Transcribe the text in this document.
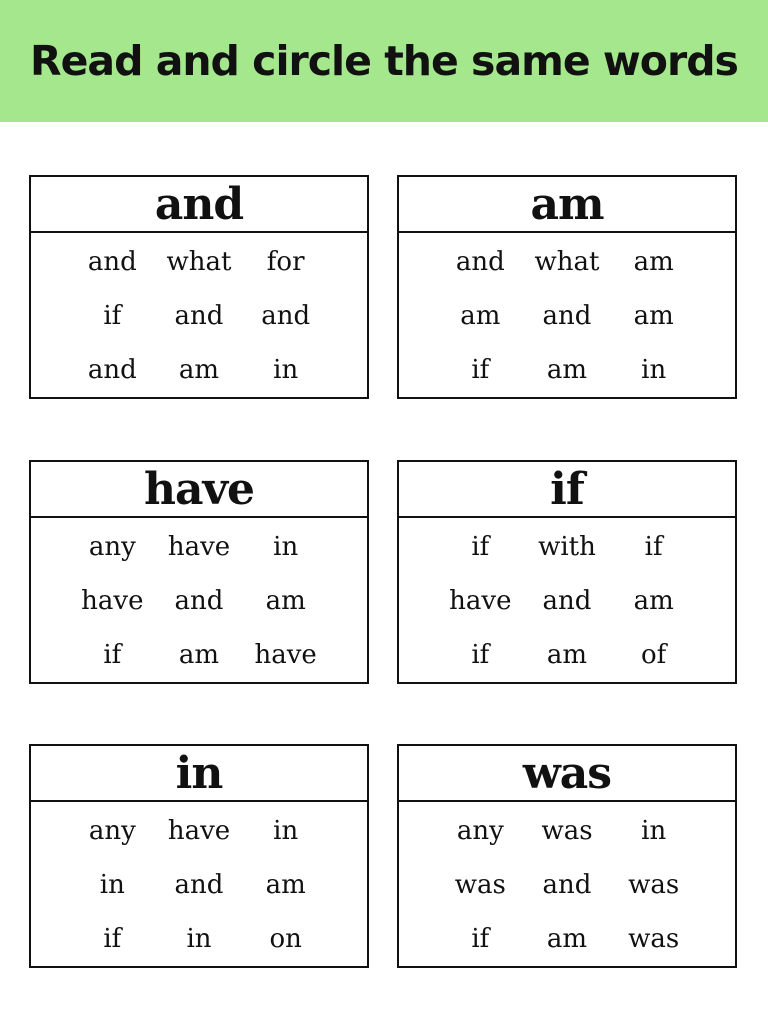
Read and circle the same words
and
and	what	for
if	and	and
and	am	in
am
and	what	am
am	and	am
if	am	in
have
any	have	in
have	and	am
if	am	have
if
if	with	if
have	and	am
if	am	of
in
any	have	in
in	and	am
if	in	on
was
any	was	in
was	and	was
if	am	was
